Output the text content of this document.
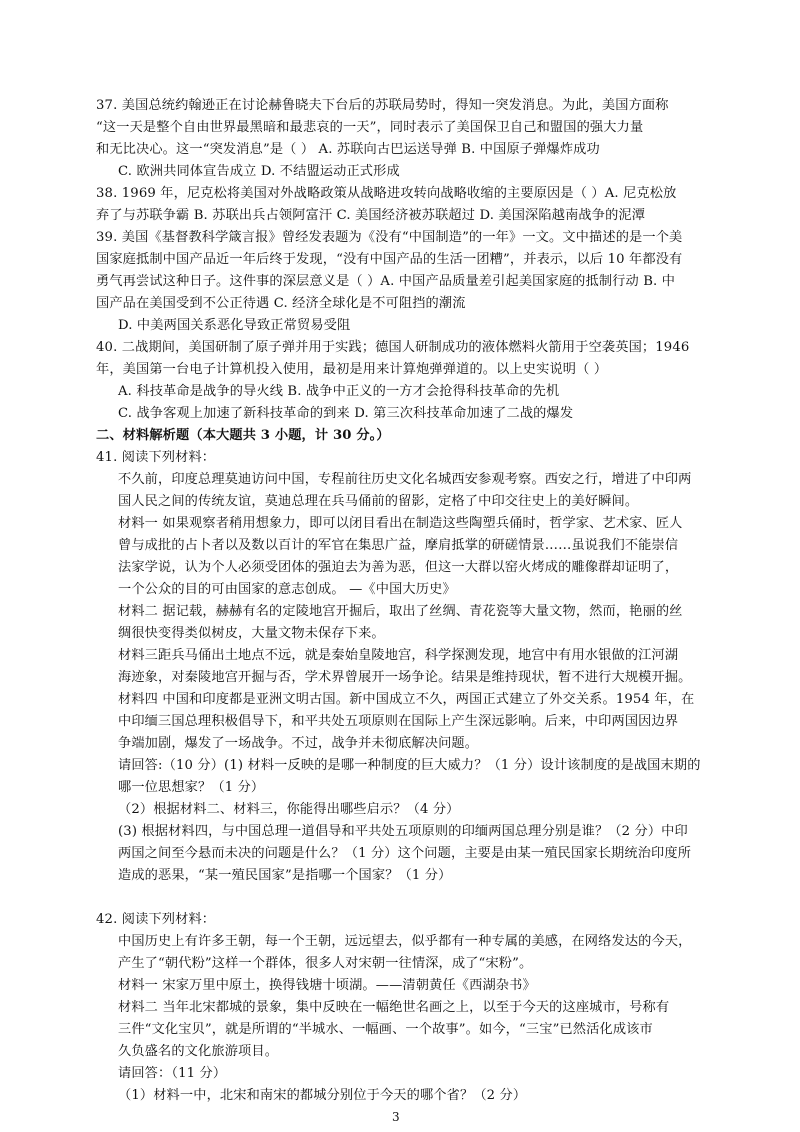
37. 美国总统约翰逊正在讨论赫鲁晓夫下台后的苏联局势时，得知一突发消息。为此，美国方面称
“这一天是整个自由世界最黑暗和最悲哀的一天”，同时表示了美国保卫自己和盟国的强大力量
和无比决心。这一“突发消息”是（ ） A. 苏联向古巴运送导弹 B. 中国原子弹爆炸成功
C. 欧洲共同体宣告成立 D. 不结盟运动正式形成
38. 1969 年，尼克松将美国对外战略政策从战略进攻转向战略收缩的主要原因是（ ）A. 尼克松放
弃了与苏联争霸 B. 苏联出兵占领阿富汗 C. 美国经济被苏联超过 D. 美国深陷越南战争的泥潭
39. 美国《基督教科学箴言报》曾经发表题为《没有“中国制造”的一年》一文。文中描述的是一个美
国家庭抵制中国产品近一年后终于发现，“没有中国产品的生活一团糟”，并表示，以后 10 年都没有
勇气再尝试这种日子。这件事的深层意义是（ ）A. 中国产品质量差引起美国家庭的抵制行动 B. 中
国产品在美国受到不公正待遇 C. 经济全球化是不可阻挡的潮流
D. 中美两国关系恶化导致正常贸易受阻
40. 二战期间，美国研制了原子弹并用于实践；德国人研制成功的液体燃料火箭用于空袭英国；1946
年，美国第一台电子计算机投入使用，最初是用来计算炮弹弹道的。以上史实说明（ ）
A. 科技革命是战争的导火线 B. 战争中正义的一方才会抢得科技革命的先机
C. 战争客观上加速了新科技革命的到来 D. 第三次科技革命加速了二战的爆发
二、材料解析题（本大题共 3 小题，计 30 分。）
41. 阅读下列材料：
不久前，印度总理莫迪访问中国，专程前往历史文化名城西安参观考察。西安之行，增进了中印两
国人民之间的传统友谊，莫迪总理在兵马俑前的留影，定格了中印交往史上的美好瞬间。
材料一 如果观察者稍用想象力，即可以闭目看出在制造这些陶塑兵俑时，哲学家、艺术家、匠人
曾与成批的占卜者以及数以百计的军官在集思广益，摩肩抵掌的研磋情景……虽说我们不能崇信
法家学说，认为个人必须受团体的强迫去为善为恶，但这一大群以窑火烤成的雕像群却证明了，
一个公众的目的可由国家的意志创成。 —《中国大历史》
材料二 据记载，赫赫有名的定陵地宫开掘后，取出了丝绸、青花瓷等大量文物，然而，艳丽的丝
绸很快变得类似树皮，大量文物未保存下来。
材料三距兵马俑出土地点不远，就是秦始皇陵地宫，科学探测发现，地宫中有用水银做的江河湖
海迹象，对秦陵地宫开掘与否，学术界曾展开一场争论。结果是维持现状，暂不进行大规模开掘。
材料四 中国和印度都是亚洲文明古国。新中国成立不久，两国正式建立了外交关系。1954 年，在
中印缅三国总理积极倡导下，和平共处五项原则在国际上产生深远影响。后来，中印两国因边界
争端加剧，爆发了一场战争。不过，战争并未彻底解决问题。
请回答:（10 分）(1) 材料一反映的是哪一种制度的巨大威力？（1 分）设计该制度的是战国末期的
哪一位思想家？（1 分）
（2）根据材料二、材料三，你能得出哪些启示？（4 分）
(3) 根据材料四，与中国总理一道倡导和平共处五项原则的印缅两国总理分别是谁？（2 分）中印
两国之间至今悬而未决的问题是什么？（1 分）这个问题，主要是由某一殖民国家长期统治印度所
造成的恶果，“某一殖民国家”是指哪一个国家？（1 分）
42. 阅读下列材料：
中国历史上有许多王朝，每一个王朝，远远望去，似乎都有一种专属的美感，在网络发达的今天，
产生了“朝代粉”这样一个群体，很多人对宋朝一往情深，成了“宋粉”。
材料一 宋家万里中原土，换得钱塘十顷湖。——清朝黄任《西湖杂书》
材料二 当年北宋都城的景象，集中反映在一幅绝世名画之上，以至于今天的这座城市，号称有
三件“文化宝贝”，就是所谓的“半城水、一幅画、一个故事”。如今，“三宝”已然活化成该市
久负盛名的文化旅游项目。
请回答：（11 分）
（1）材料一中，北宋和南宋的都城分别位于今天的哪个省？（2 分）
3
